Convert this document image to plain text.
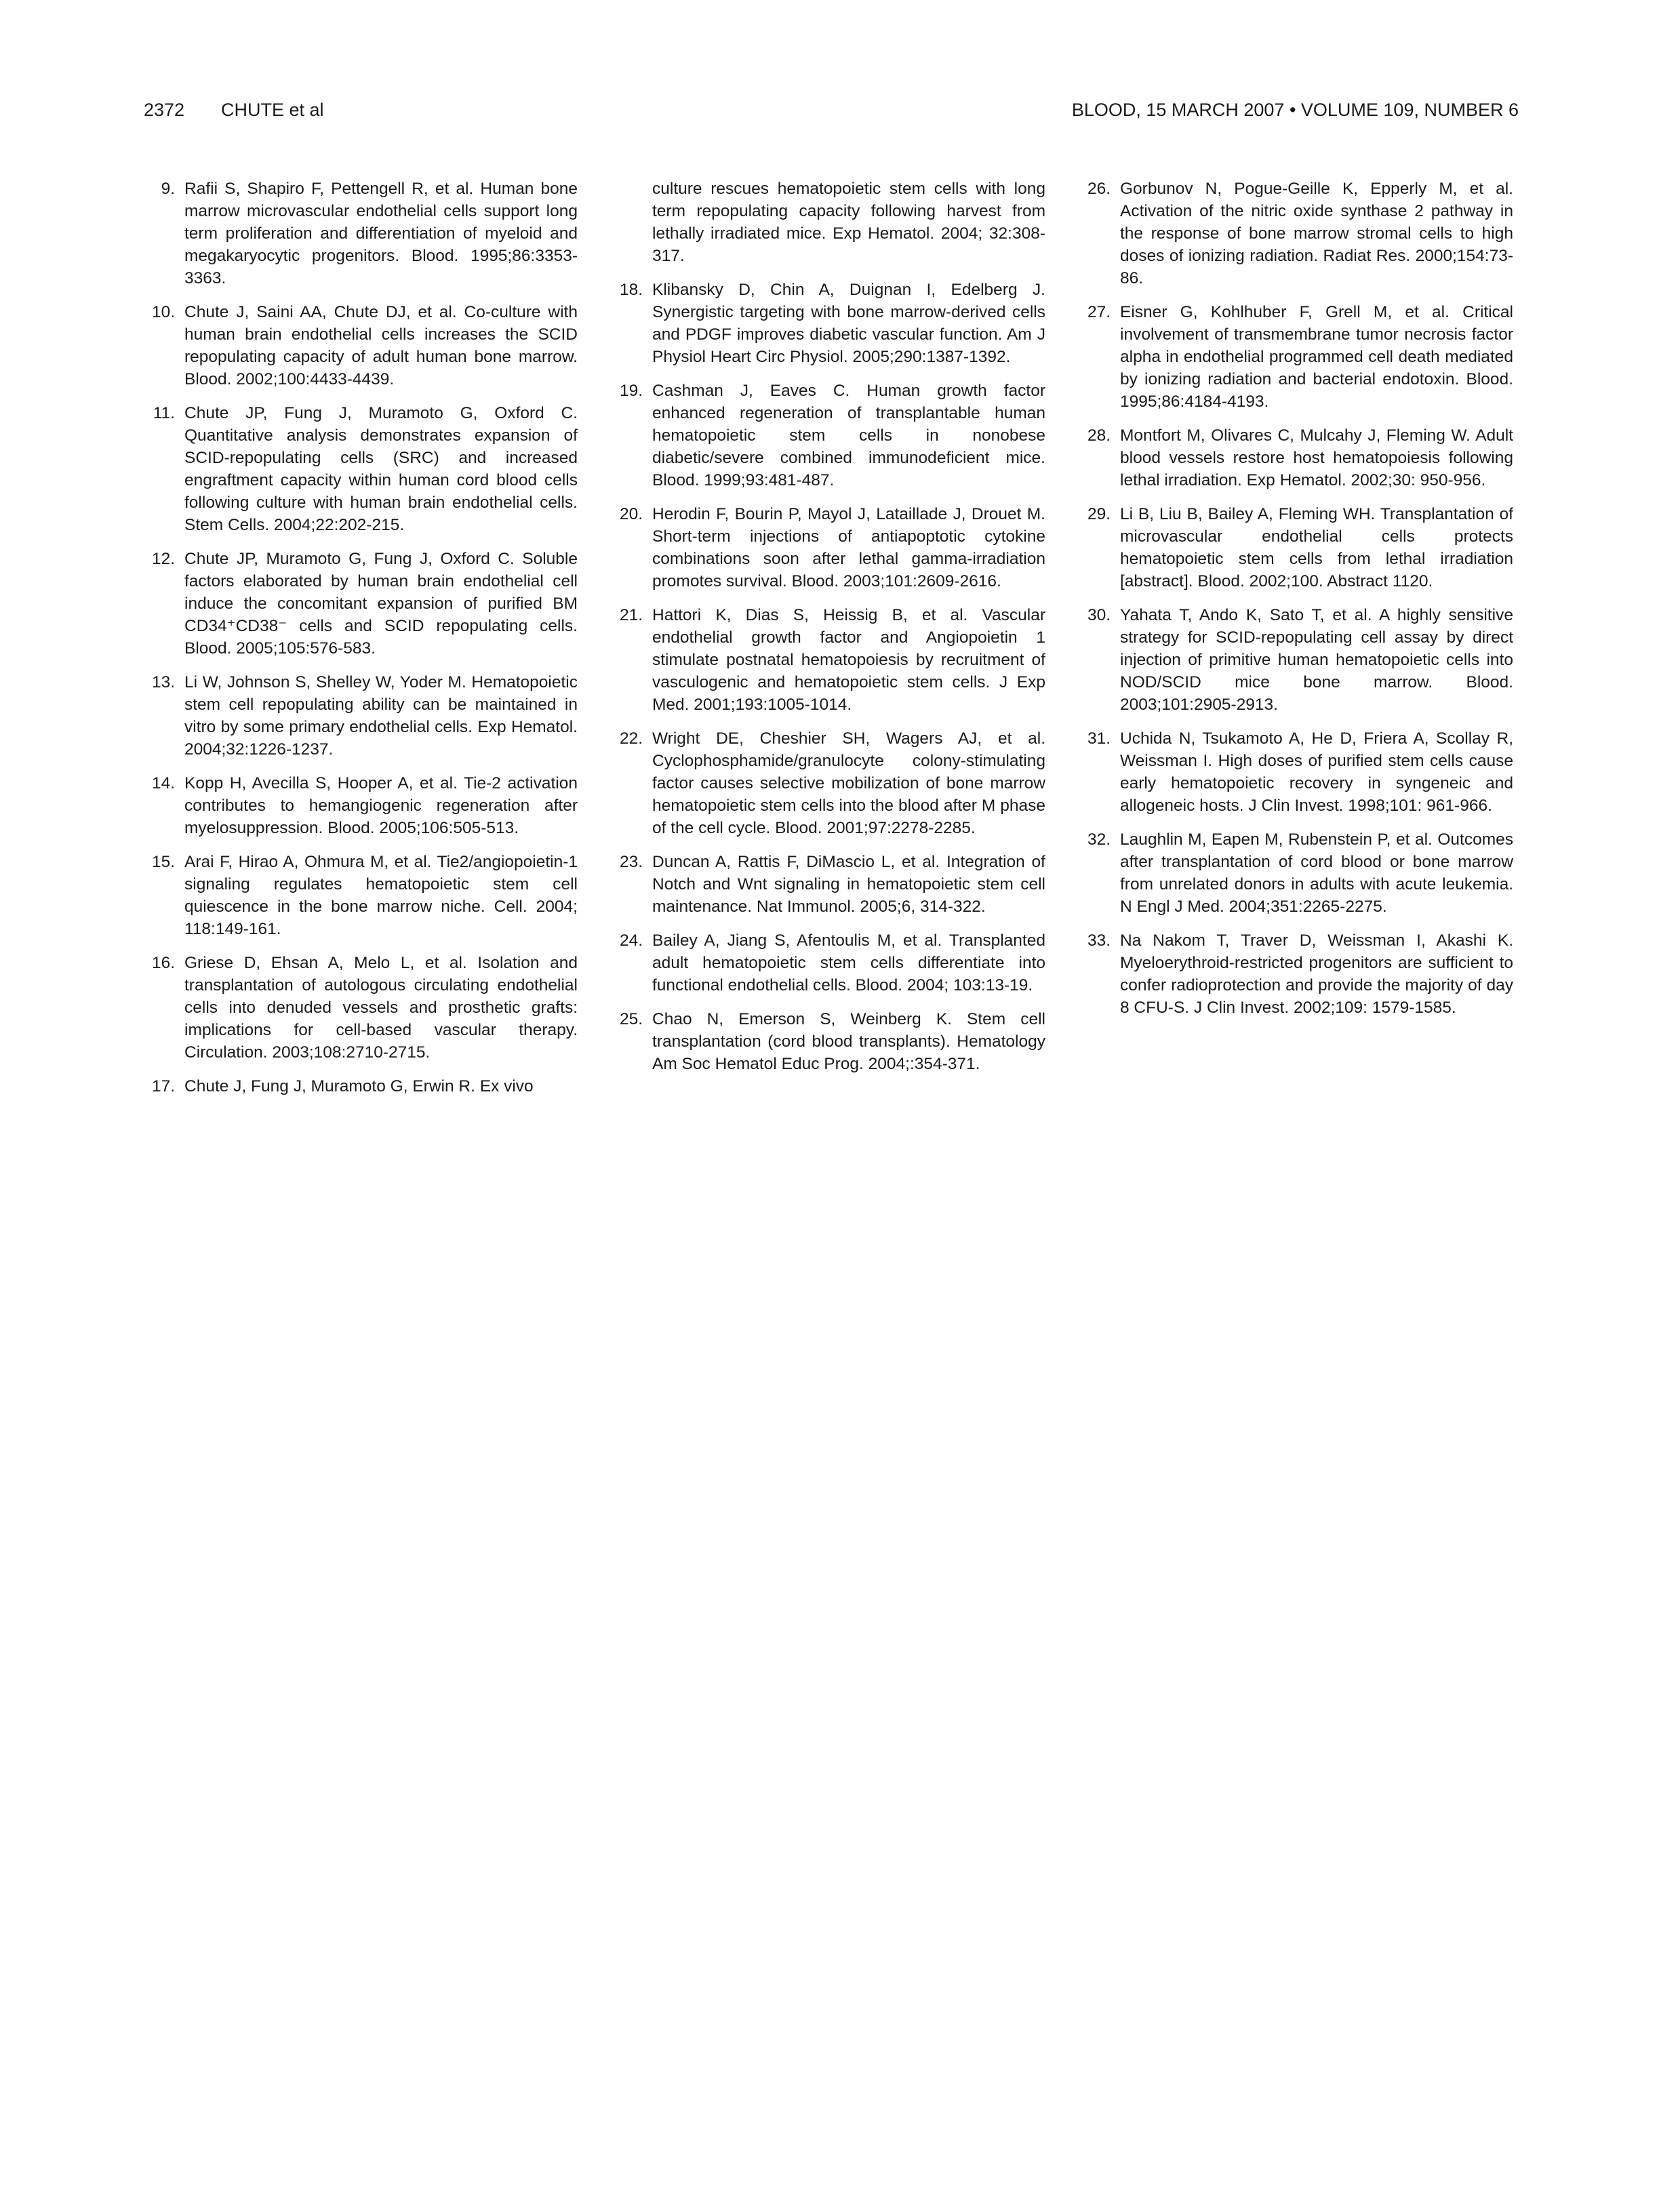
2372 CHUTE et al	BLOOD, 15 MARCH 2007 • VOLUME 109, NUMBER 6
9. Rafii S, Shapiro F, Pettengell R, et al. Human bone marrow microvascular endothelial cells support long term proliferation and differentiation of myeloid and megakaryocytic progenitors. Blood. 1995;86:3353-3363.
10. Chute J, Saini AA, Chute DJ, et al. Co-culture with human brain endothelial cells increases the SCID repopulating capacity of adult human bone marrow. Blood. 2002;100:4433-4439.
11. Chute JP, Fung J, Muramoto G, Oxford C. Quantitative analysis demonstrates expansion of SCID-repopulating cells (SRC) and increased engraftment capacity within human cord blood cells following culture with human brain endothelial cells. Stem Cells. 2004;22:202-215.
12. Chute JP, Muramoto G, Fung J, Oxford C. Soluble factors elaborated by human brain endothelial cell induce the concomitant expansion of purified BM CD34⁺CD38⁻ cells and SCID repopulating cells. Blood. 2005;105:576-583.
13. Li W, Johnson S, Shelley W, Yoder M. Hematopoietic stem cell repopulating ability can be maintained in vitro by some primary endothelial cells. Exp Hematol. 2004;32:1226-1237.
14. Kopp H, Avecilla S, Hooper A, et al. Tie-2 activation contributes to hemangiogenic regeneration after myelosuppression. Blood. 2005;106:505-513.
15. Arai F, Hirao A, Ohmura M, et al. Tie2/angiopoietin-1 signaling regulates hematopoietic stem cell quiescence in the bone marrow niche. Cell. 2004; 118:149-161.
16. Griese D, Ehsan A, Melo L, et al. Isolation and transplantation of autologous circulating endothelial cells into denuded vessels and prosthetic grafts: implications for cell-based vascular therapy. Circulation. 2003;108:2710-2715.
17. Chute J, Fung J, Muramoto G, Erwin R. Ex vivo
culture rescues hematopoietic stem cells with long term repopulating capacity following harvest from lethally irradiated mice. Exp Hematol. 2004; 32:308-317.
18. Klibansky D, Chin A, Duignan I, Edelberg J. Synergistic targeting with bone marrow-derived cells and PDGF improves diabetic vascular function. Am J Physiol Heart Circ Physiol. 2005;290:1387-1392.
19. Cashman J, Eaves C. Human growth factor enhanced regeneration of transplantable human hematopoietic stem cells in nonobese diabetic/severe combined immunodeficient mice. Blood. 1999;93:481-487.
20. Herodin F, Bourin P, Mayol J, Lataillade J, Drouet M. Short-term injections of antiapoptotic cytokine combinations soon after lethal gamma-irradiation promotes survival. Blood. 2003;101:2609-2616.
21. Hattori K, Dias S, Heissig B, et al. Vascular endothelial growth factor and Angiopoietin 1 stimulate postnatal hematopoiesis by recruitment of vasculogenic and hematopoietic stem cells. J Exp Med. 2001;193:1005-1014.
22. Wright DE, Cheshier SH, Wagers AJ, et al. Cyclophosphamide/granulocyte colony-stimulating factor causes selective mobilization of bone marrow hematopoietic stem cells into the blood after M phase of the cell cycle. Blood. 2001;97:2278-2285.
23. Duncan A, Rattis F, DiMascio L, et al. Integration of Notch and Wnt signaling in hematopoietic stem cell maintenance. Nat Immunol. 2005;6, 314-322.
24. Bailey A, Jiang S, Afentoulis M, et al. Transplanted adult hematopoietic stem cells differentiate into functional endothelial cells. Blood. 2004; 103:13-19.
25. Chao N, Emerson S, Weinberg K. Stem cell transplantation (cord blood transplants). Hematology Am Soc Hematol Educ Prog. 2004;:354-371.
26. Gorbunov N, Pogue-Geille K, Epperly M, et al. Activation of the nitric oxide synthase 2 pathway in the response of bone marrow stromal cells to high doses of ionizing radiation. Radiat Res. 2000;154:73-86.
27. Eisner G, Kohlhuber F, Grell M, et al. Critical involvement of transmembrane tumor necrosis factor alpha in endothelial programmed cell death mediated by ionizing radiation and bacterial endotoxin. Blood. 1995;86:4184-4193.
28. Montfort M, Olivares C, Mulcahy J, Fleming W. Adult blood vessels restore host hematopoiesis following lethal irradiation. Exp Hematol. 2002;30: 950-956.
29. Li B, Liu B, Bailey A, Fleming WH. Transplantation of microvascular endothelial cells protects hematopoietic stem cells from lethal irradiation [abstract]. Blood. 2002;100. Abstract 1120.
30. Yahata T, Ando K, Sato T, et al. A highly sensitive strategy for SCID-repopulating cell assay by direct injection of primitive human hematopoietic cells into NOD/SCID mice bone marrow. Blood. 2003;101:2905-2913.
31. Uchida N, Tsukamoto A, He D, Friera A, Scollay R, Weissman I. High doses of purified stem cells cause early hematopoietic recovery in syngeneic and allogeneic hosts. J Clin Invest. 1998;101: 961-966.
32. Laughlin M, Eapen M, Rubenstein P, et al. Outcomes after transplantation of cord blood or bone marrow from unrelated donors in adults with acute leukemia. N Engl J Med. 2004;351:2265-2275.
33. Na Nakom T, Traver D, Weissman I, Akashi K. Myeloerythroid-restricted progenitors are sufficient to confer radioprotection and provide the majority of day 8 CFU-S. J Clin Invest. 2002;109: 1579-1585.
